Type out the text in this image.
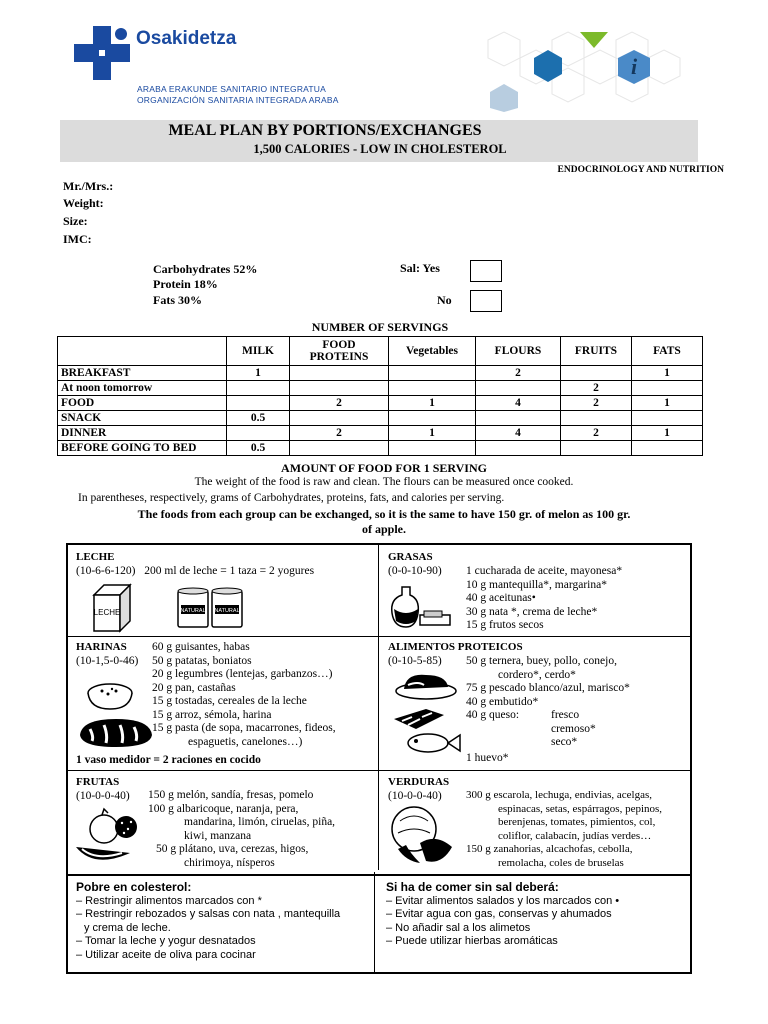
Osakidetza
ARABA ERAKUNDE SANITARIO INTEGRATUA
ORGANIZACIÓN SANITARIA INTEGRADA ARABA
i
MEAL PLAN BY PORTIONS/EXCHANGES
1,500 CALORIES - LOW IN CHOLESTEROL
ENDOCRINOLOGY AND NUTRITION
Mr./Mrs.:
Weight:
Size:
IMC:
Carbohydrates 52%
Protein 18%
Fats 30%
Sal: Yes
No
NUMBER OF SERVINGS
	MILK	FOOD PROTEINS	Vegetables	FLOURS	FRUITS	FATS
BREAKFAST	1			2		1
At noon tomorrow					2	
FOOD		2	1	4	2	1
SNACK	0.5					
DINNER		2	1	4	2	1
BEFORE GOING TO BED	0.5					
AMOUNT OF FOOD FOR 1 SERVING
The weight of the food is raw and clean. The flours can be measured once cooked.
In parentheses, respectively, grams of Carbohydrates, proteins, fats, and calories per serving.
The foods from each group can be exchanged, so it is the same to have 150 gr. of melon as 100 gr.
of apple.
LECHE
(10-6-6-120) 200 ml de leche = 1 taza = 2 yogures
LECHE	NATURAL NATURAL
GRASAS
(0-0-10-90)	1 cucharada de aceite, mayonesa*
10 g mantequilla*, margarina*
40 g aceitunas•
30 g nata *, crema de leche*
15 g frutos secos
HARINAS
(10-1,5-0-46)
60 g guisantes, habas
50 g patatas, boniatos
20 g legumbres (lentejas, garbanzos…)
20 g pan, castañas
15 g tostadas, cereales de la leche
15 g arroz, sémola, harina
15 g pasta (de sopa, macarrones, fideos,
espaguetis, canelones…)
1 vaso medidor = 2 raciones en cocido
ALIMENTOS PROTEICOS
(0-10-5-85)	50 g ternera, buey, pollo, conejo,
cordero*, cerdo*
75 g pescado blanco/azul, marisco*
40 g embutido*
40 g queso:	fresco
cremoso*
seco*
1 huevo*
FRUTAS
(10-0-0-40)	150 g melón, sandía, fresas, pomelo
100 g albaricoque, naranja, pera,
mandarina, limón, ciruelas, piña,
kiwi, manzana
50 g plátano, uva, cerezas, higos,
chirimoya, nísperos
VERDURAS
(10-0-0-40)	300 g escarola, lechuga, endivias, acelgas,
espinacas, setas, espárragos, pepinos,
berenjenas, tomates, pimientos, col,
coliflor, calabacín, judías verdes…
150 g zanahorias, alcachofas, cebolla,
remolacha, coles de bruselas
Pobre en colesterol:
– Restringir alimentos marcados con *
– Restringir rebozados y salsas con nata , mantequilla
y crema de leche.
– Tomar la leche y yogur desnatados
– Utilizar aceite de oliva para cocinar
Si ha de comer sin sal deberá:
– Evitar alimentos salados y los marcados con •
– Evitar agua con gas, conservas y ahumados
– No añadir sal a los alimetos
– Puede utilizar hierbas aromáticas
